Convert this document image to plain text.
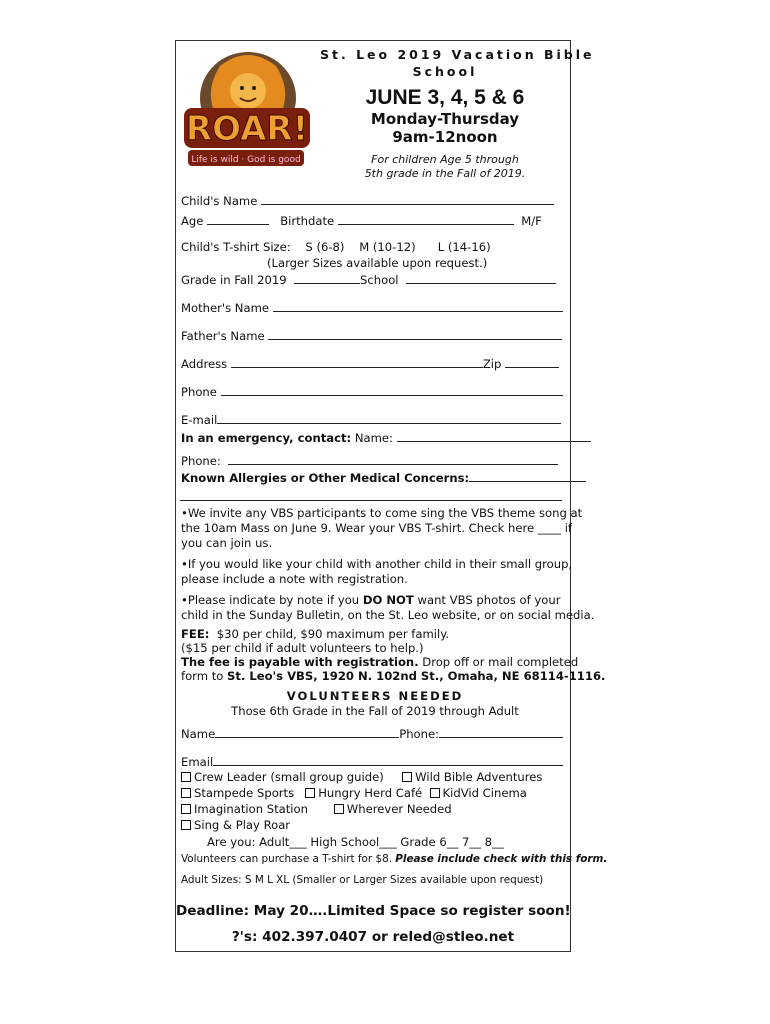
ROAR!
Life is wild · God is good
St. Leo 2019 Vacation Bible
School
JUNE 3, 4, 5 & 6
Monday-Thursday
9am-12noon
For children Age 5 through
5th grade in the Fall of 2019.
Child's Name
Age	Birthdate	M/F
Child's T-shirt Size: S (6-8) M (10-12) L (14-16)
(Larger Sizes available upon request.)
Grade in Fall 2019	School
Mother's Name
Father's Name
Address	Zip
Phone
E-mail
In an emergency, contact: Name:
Phone:
Known Allergies or Other Medical Concerns:
•We invite any VBS participants to come sing the VBS theme song at
the 10am Mass on June 9. Wear your VBS T-shirt. Check here ____ if
you can join us.
•If you would like your child with another child in their small group,
please include a note with registration.
•Please indicate by note if you DO NOT want VBS photos of your
child in the Sunday Bulletin, on the St. Leo website, or on social media.
FEE: $30 per child, $90 maximum per family.
($15 per child if adult volunteers to help.)
The fee is payable with registration. Drop off or mail completed
form to St. Leo's VBS, 1920 N. 102nd St., Omaha, NE 68114-1116.
VOLUNTEERS NEEDED
Those 6th Grade in the Fall of 2019 through Adult
Name	Phone:
Email
Crew Leader (small group guide)	Wild Bible Adventures
Stampede Sports Hungry Herd Café KidVid Cinema
Imagination Station	Wherever Needed
Sing & Play Roar
Are you: Adult___ High School___ Grade 6__ 7__ 8__
Volunteers can purchase a T-shirt for $8. Please include check with this form.
Adult Sizes: S M L XL (Smaller or Larger Sizes available upon request)
Deadline: May 20….Limited Space so register soon!
?'s: 402.397.0407 or reled@stleo.net
